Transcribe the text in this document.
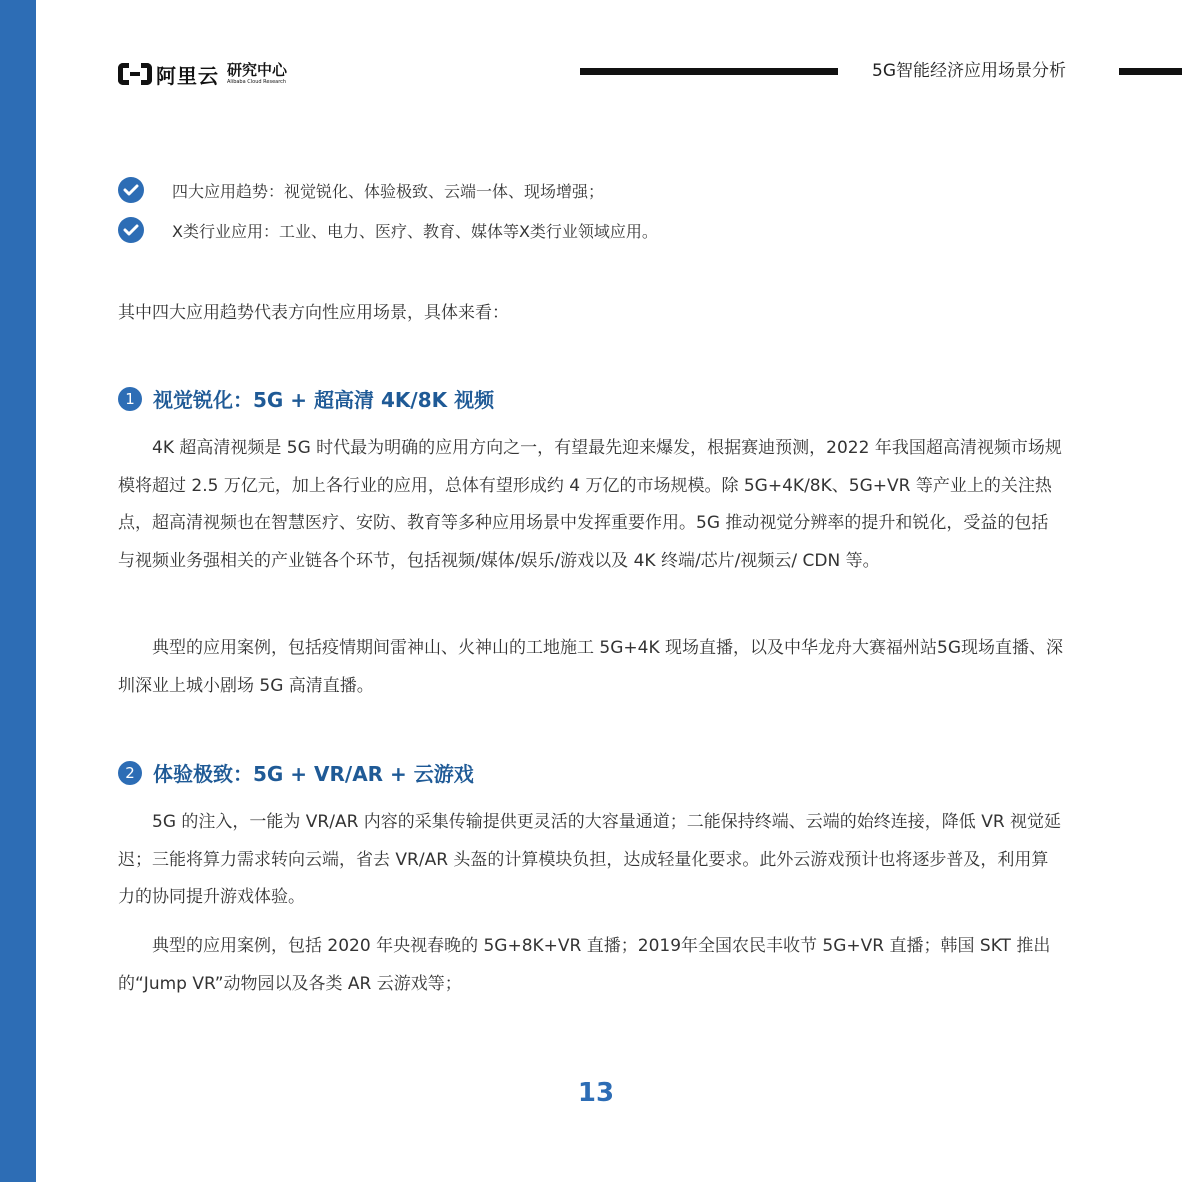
阿里云 研究中心
Alibaba Cloud Research
5G智能经济应用场景分析
四大应用趋势：视觉锐化、体验极致、云端一体、现场增强；
X类行业应用：工业、电力、医疗、教育、媒体等X类行业领域应用。

其中四大应用趋势代表方向性应用场景，具体来看：

1 视觉锐化：5G + 超高清 4K/8K 视频

4K 超高清视频是 5G 时代最为明确的应用方向之一，有望最先迎来爆发，根据赛迪预测，2022 年我国超高清视频市场规模将超过 2.5 万亿元，加上各行业的应用，总体有望形成约 4 万亿的市场规模。除 5G+4K/8K、5G+VR 等产业上的关注热点，超高清视频也在智慧医疗、安防、教育等多种应用场景中发挥重要作用。5G 推动视觉分辨率的提升和锐化，受益的包括与视频业务强相关的产业链各个环节，包括视频/媒体/娱乐/游戏以及 4K 终端/芯片/视频云/ CDN 等。

典型的应用案例，包括疫情期间雷神山、火神山的工地施工 5G+4K 现场直播，以及中华龙舟大赛福州站5G现场直播、深圳深业上城小剧场 5G 高清直播。

2 体验极致：5G + VR/AR + 云游戏

5G 的注入，一能为 VR/AR 内容的采集传输提供更灵活的大容量通道；二能保持终端、云端的始终连接，降低 VR 视觉延迟；三能将算力需求转向云端，省去 VR/AR 头盔的计算模块负担，达成轻量化要求。此外云游戏预计也将逐步普及，利用算力的协同提升游戏体验。

典型的应用案例，包括 2020 年央视春晚的 5G+8K+VR 直播；2019年全国农民丰收节 5G+VR 直播；韩国 SKT 推出的“Jump VR”动物园以及各类 AR 云游戏等；

13
